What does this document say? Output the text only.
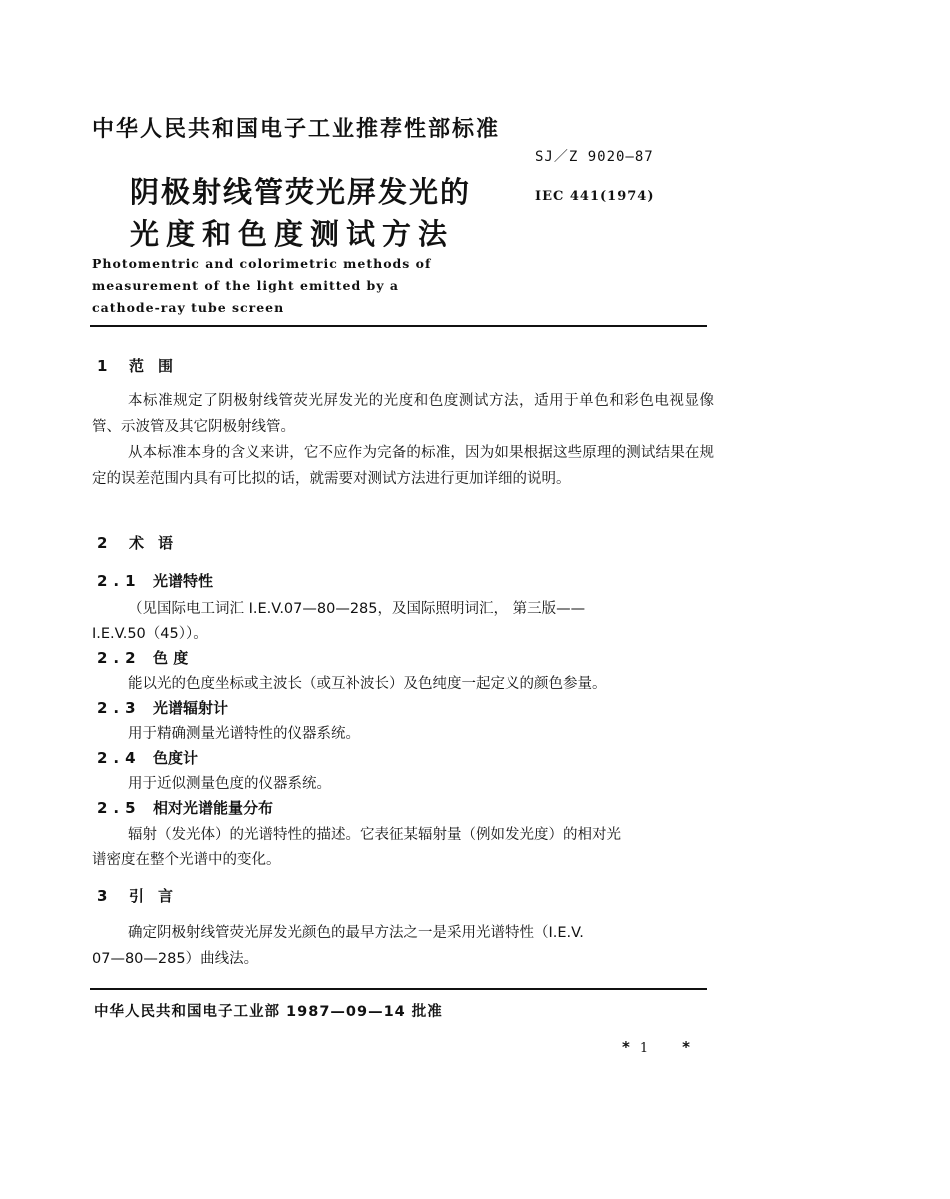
中华人民共和国电子工业推荐性部标准
SJ／Z 9020—87
IEC 441(1974)
阴极射线管荧光屏发光的
光度和色度测试方法
Photomentric and colorimetric methods of
measurement of the light emitted by a
cathode-ray tube screen
1 范围
本标准规定了阴极射线管荧光屏发光的光度和色度测试方法，适用于单色和彩色电视显像管、示波管及其它阴极射线管。
从本标准本身的含义来讲，它不应作为完备的标准，因为如果根据这些原理的测试结果在规定的误差范围内具有可比拟的话，就需要对测试方法进行更加详细的说明。
2 术语
2.1 光谱特性
（见国际电工词汇 I.E.V.07—80—285，及国际照明词汇， 第三版——
I.E.V.50（45））。
2.2 色 度
能以光的色度坐标或主波长（或互补波长）及色纯度一起定义的颜色参量。
2.3 光谱辐射计
用于精确测量光谱特性的仪器系统。
2.4 色度计
用于近似测量色度的仪器系统。
2.5 相对光谱能量分布
辐射（发光体）的光谱特性的描述。它表征某辐射量（例如发光度）的相对光
谱密度在整个光谱中的变化。
3 引言
确定阴极射线管荧光屏发光颜色的最早方法之一是采用光谱特性（I.E.V.
07—80—285）曲线法。
中华人民共和国电子工业部 1987—09—14 批准
* 1 *
